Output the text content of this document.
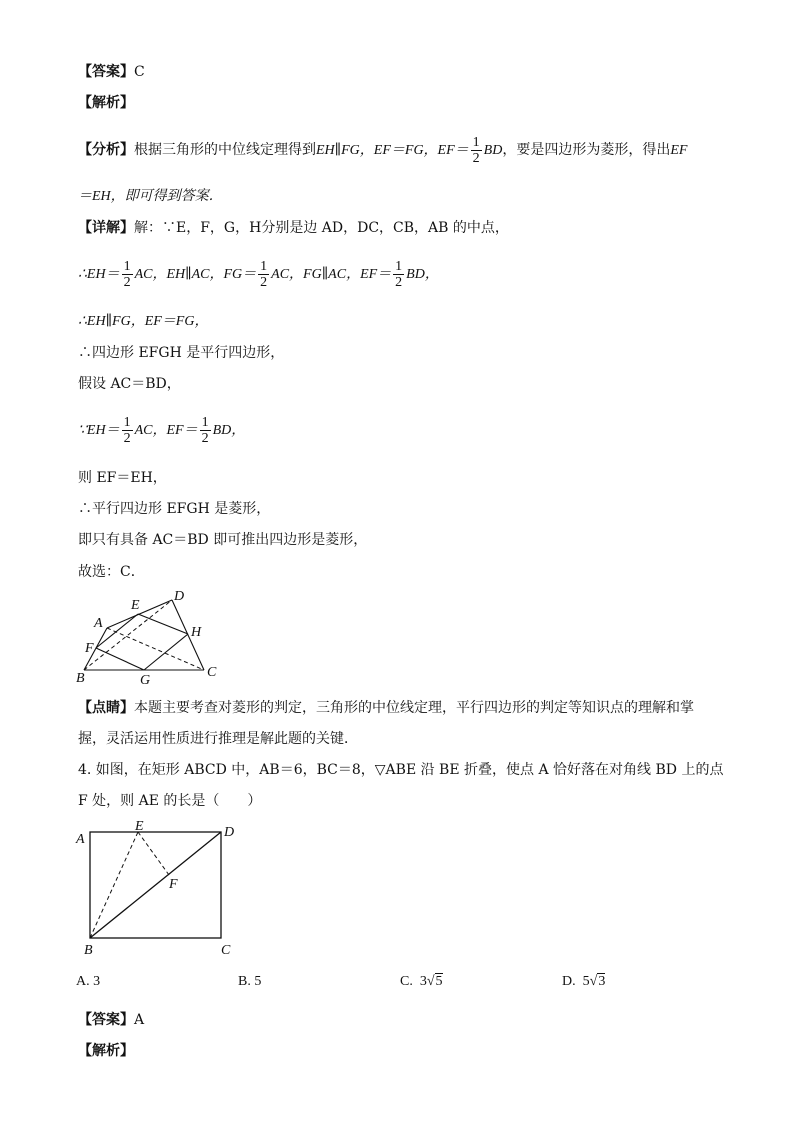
【答案】C
【解析】
【分析】根据三角形的中位线定理得到EH∥FG，EF＝FG，$EF= \frac{1}{2}$ BD，要是四边形为菱形，得出EF
＝EH，即可得到答案．
【详解】解：∵E，F，G，H分别是边 AD，DC，CB，AB 的中点，
∴EH＝ $\frac{1}{2}$ AC，EH∥AC，$FG= \frac{1}{2}$ AC，FG∥AC，$EF= \frac{1}{2}$ BD，
∴EH∥FG，EF＝FG，
∴四边形 EFGH 是平行四边形，
假设 AC＝BD，
∵EH＝ $\frac{1}{2}$ AC，$EF= \frac{1}{2}$ BD，
则 EF＝EH，
∴平行四边形 EFGH 是菱形，
即只有具备 AC＝BD 即可推出四边形是菱形，
故选：C．
A
D
E
H
F
B	G
C
【点睛】本题主要考查对菱形的判定，三角形的中位线定理，平行四边形的判定等知识点的理解和掌
握，灵活运用性质进行推理是解此题的关键．
4. 如图，在矩形 ABCD 中，AB＝6，BC＝8，▽ABE 沿 BE 折叠，使点 A 恰好落在对角线 BD 上的点
F 处，则 AE 的长是（　　）
A
E	D
F
B	C
A. 3	B. 5	C. 3√5	D. 5√3
【答案】A
【解析】
